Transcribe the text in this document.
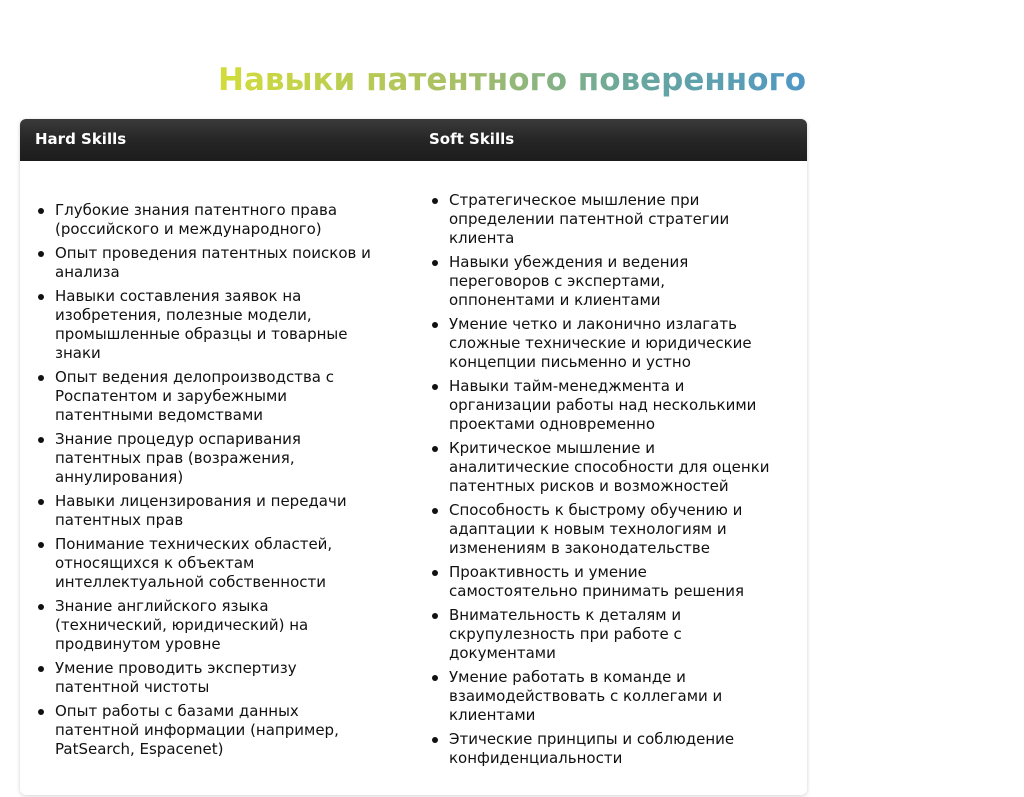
Навыки патентного поверенного
Hard Skills	Soft Skills
Глубокие знания патентного права (российского и международного)
Опыт проведения патентных поисков и анализа
Навыки составления заявок на изобретения, полезные модели, промышленные образцы и товарные знаки
Опыт ведения делопроизводства с Роспатентом и зарубежными патентными ведомствами
Знание процедур оспаривания патентных прав (возражения, аннулирования)
Навыки лицензирования и передачи патентных прав
Понимание технических областей, относящихся к объектам интеллектуальной собственности
Знание английского языка (технический, юридический) на продвинутом уровне
Умение проводить экспертизу патентной чистоты
Опыт работы с базами данных патентной информации (например, PatSearch, Espacenet)
Стратегическое мышление при определении патентной стратегии клиента
Навыки убеждения и ведения переговоров с экспертами, оппонентами и клиентами
Умение четко и лаконично излагать сложные технические и юридические концепции письменно и устно
Навыки тайм-менеджмента и организации работы над несколькими проектами одновременно
Критическое мышление и аналитические способности для оценки патентных рисков и возможностей
Способность к быстрому обучению и адаптации к новым технологиям и изменениям в законодательстве
Проактивность и умение самостоятельно принимать решения
Внимательность к деталям и скрупулезность при работе с документами
Умение работать в команде и взаимодействовать с коллегами и клиентами
Этические принципы и соблюдение конфиденциальности
